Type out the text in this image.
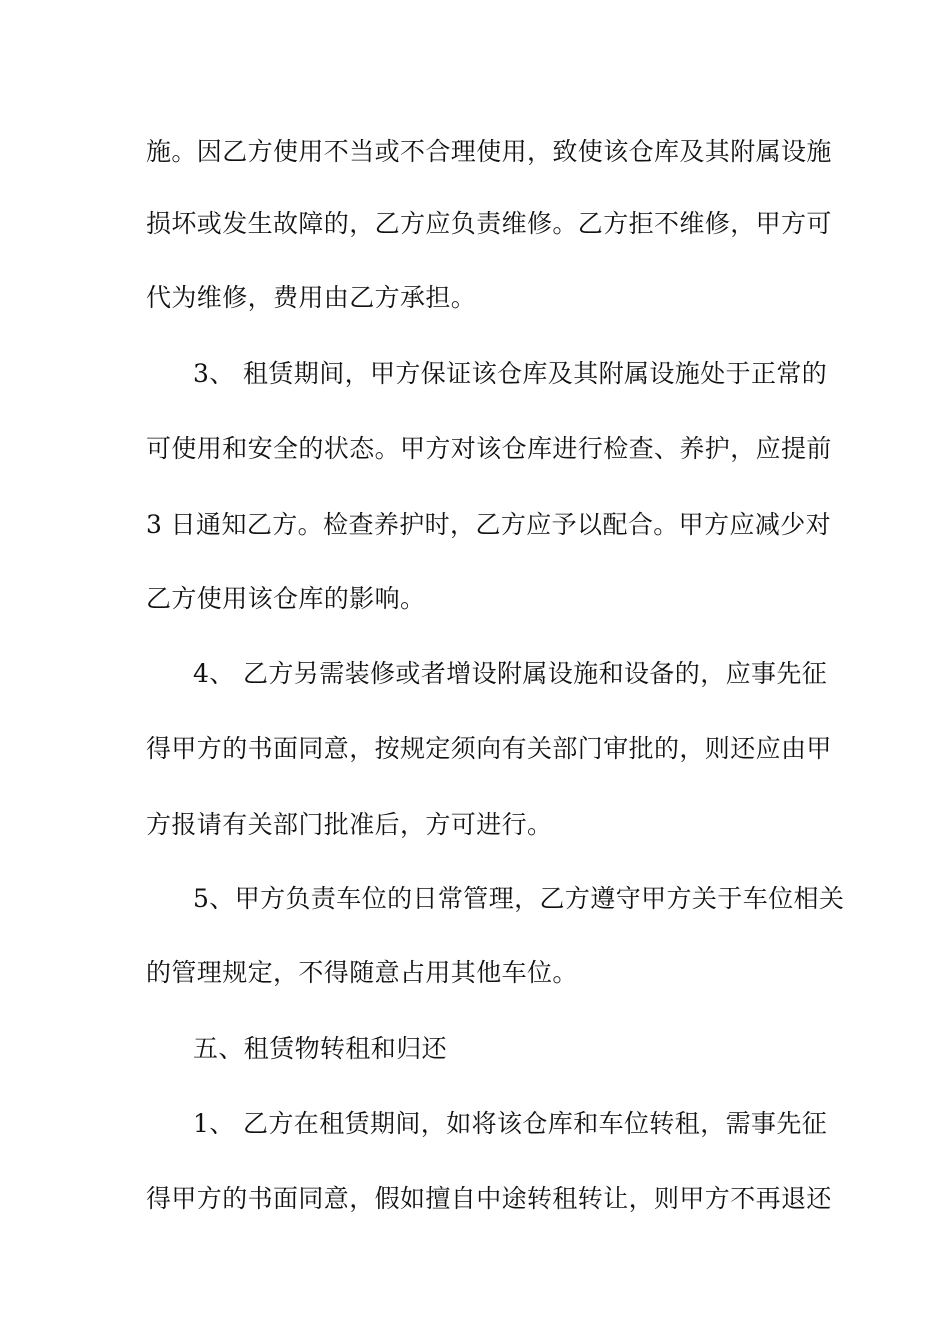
施。因乙方使用不当或不合理使用，致使该仓库及其附属设施

损坏或发生故障的，乙方应负责维修。乙方拒不维修，甲方可

代为维修，费用由乙方承担。

3、 租赁期间，甲方保证该仓库及其附属设施处于正常的

可使用和安全的状态。甲方对该仓库进行检查、养护，应提前

3 日通知乙方。检查养护时，乙方应予以配合。甲方应减少对

乙方使用该仓库的影响。

4、 乙方另需装修或者增设附属设施和设备的，应事先征

得甲方的书面同意，按规定须向有关部门审批的，则还应由甲

方报请有关部门批准后，方可进行。

5、甲方负责车位的日常管理，乙方遵守甲方关于车位相关

的管理规定，不得随意占用其他车位。

五、租赁物转租和归还

1、 乙方在租赁期间，如将该仓库和车位转租，需事先征

得甲方的书面同意，假如擅自中途转租转让，则甲方不再退还
